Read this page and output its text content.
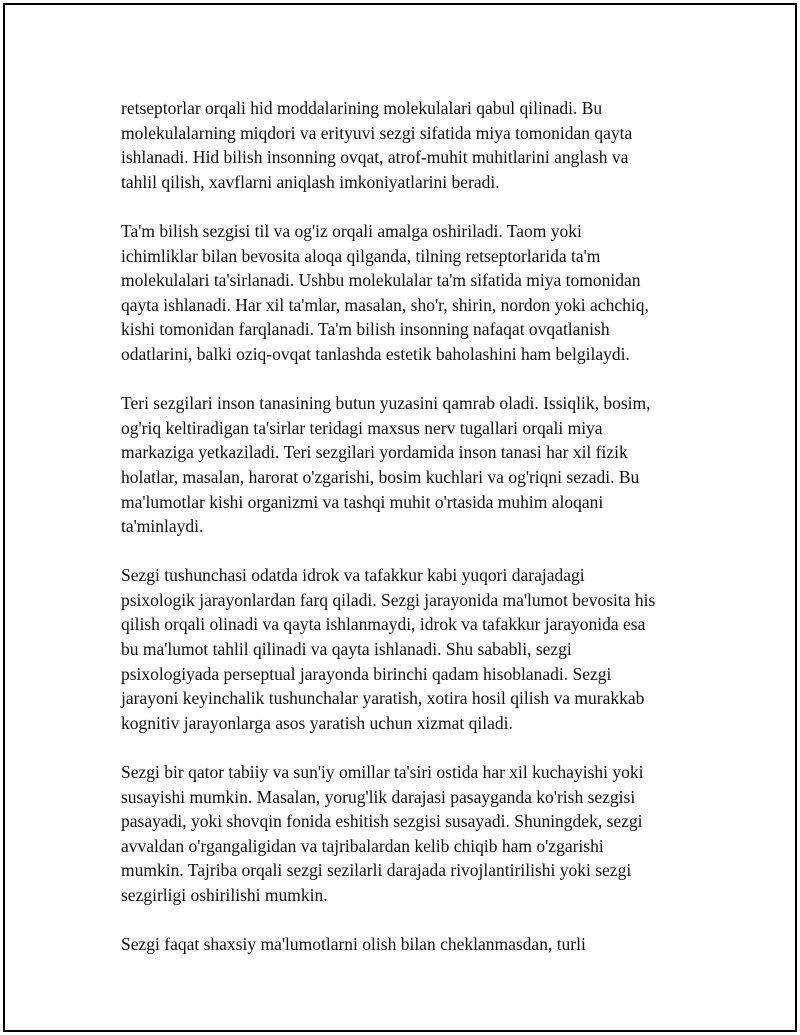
retseptorlar orqali hid moddalarining molekulalari qabul qilinadi. Bu
molekulalarning miqdori va erityuvi sezgi sifatida miya tomonidan qayta
ishlanadi. Hid bilish insonning ovqat, atrof-muhit muhitlarini anglash va
tahlil qilish, xavflarni aniqlash imkoniyatlarini beradi.

Ta'm bilish sezgisi til va og'iz orqali amalga oshiriladi. Taom yoki
ichimliklar bilan bevosita aloqa qilganda, tilning retseptorlarida ta'm
molekulalari ta'sirlanadi. Ushbu molekulalar ta'm sifatida miya tomonidan
qayta ishlanadi. Har xil ta'mlar, masalan, sho'r, shirin, nordon yoki achchiq,
kishi tomonidan farqlanadi. Ta'm bilish insonning nafaqat ovqatlanish
odatlarini, balki oziq-ovqat tanlashda estetik baholashini ham belgilaydi.

Teri sezgilari inson tanasining butun yuzasini qamrab oladi. Issiqlik, bosim,
og'riq keltiradigan ta'sirlar teridagi maxsus nerv tugallari orqali miya
markaziga yetkaziladi. Teri sezgilari yordamida inson tanasi har xil fizik
holatlar, masalan, harorat o'zgarishi, bosim kuchlari va og'riqni sezadi. Bu
ma'lumotlar kishi organizmi va tashqi muhit o'rtasida muhim aloqani
ta'minlaydi.

Sezgi tushunchasi odatda idrok va tafakkur kabi yuqori darajadagi
psixologik jarayonlardan farq qiladi. Sezgi jarayonida ma'lumot bevosita his
qilish orqali olinadi va qayta ishlanmaydi, idrok va tafakkur jarayonida esa
bu ma'lumot tahlil qilinadi va qayta ishlanadi. Shu sababli, sezgi
psixologiyada perseptual jarayonda birinchi qadam hisoblanadi. Sezgi
jarayoni keyinchalik tushunchalar yaratish, xotira hosil qilish va murakkab
kognitiv jarayonlarga asos yaratish uchun xizmat qiladi.

Sezgi bir qator tabiiy va sun'iy omillar ta'siri ostida har xil kuchayishi yoki
susayishi mumkin. Masalan, yorug'lik darajasi pasayganda ko'rish sezgisi
pasayadi, yoki shovqin fonida eshitish sezgisi susayadi. Shuningdek, sezgi
avvaldan o'rgangaligidan va tajribalardan kelib chiqib ham o'zgarishi
mumkin. Tajriba orqali sezgi sezilarli darajada rivojlantirilishi yoki sezgi
sezgirligi oshirilishi mumkin.

Sezgi faqat shaxsiy ma'lumotlarni olish bilan cheklanmasdan, turli
